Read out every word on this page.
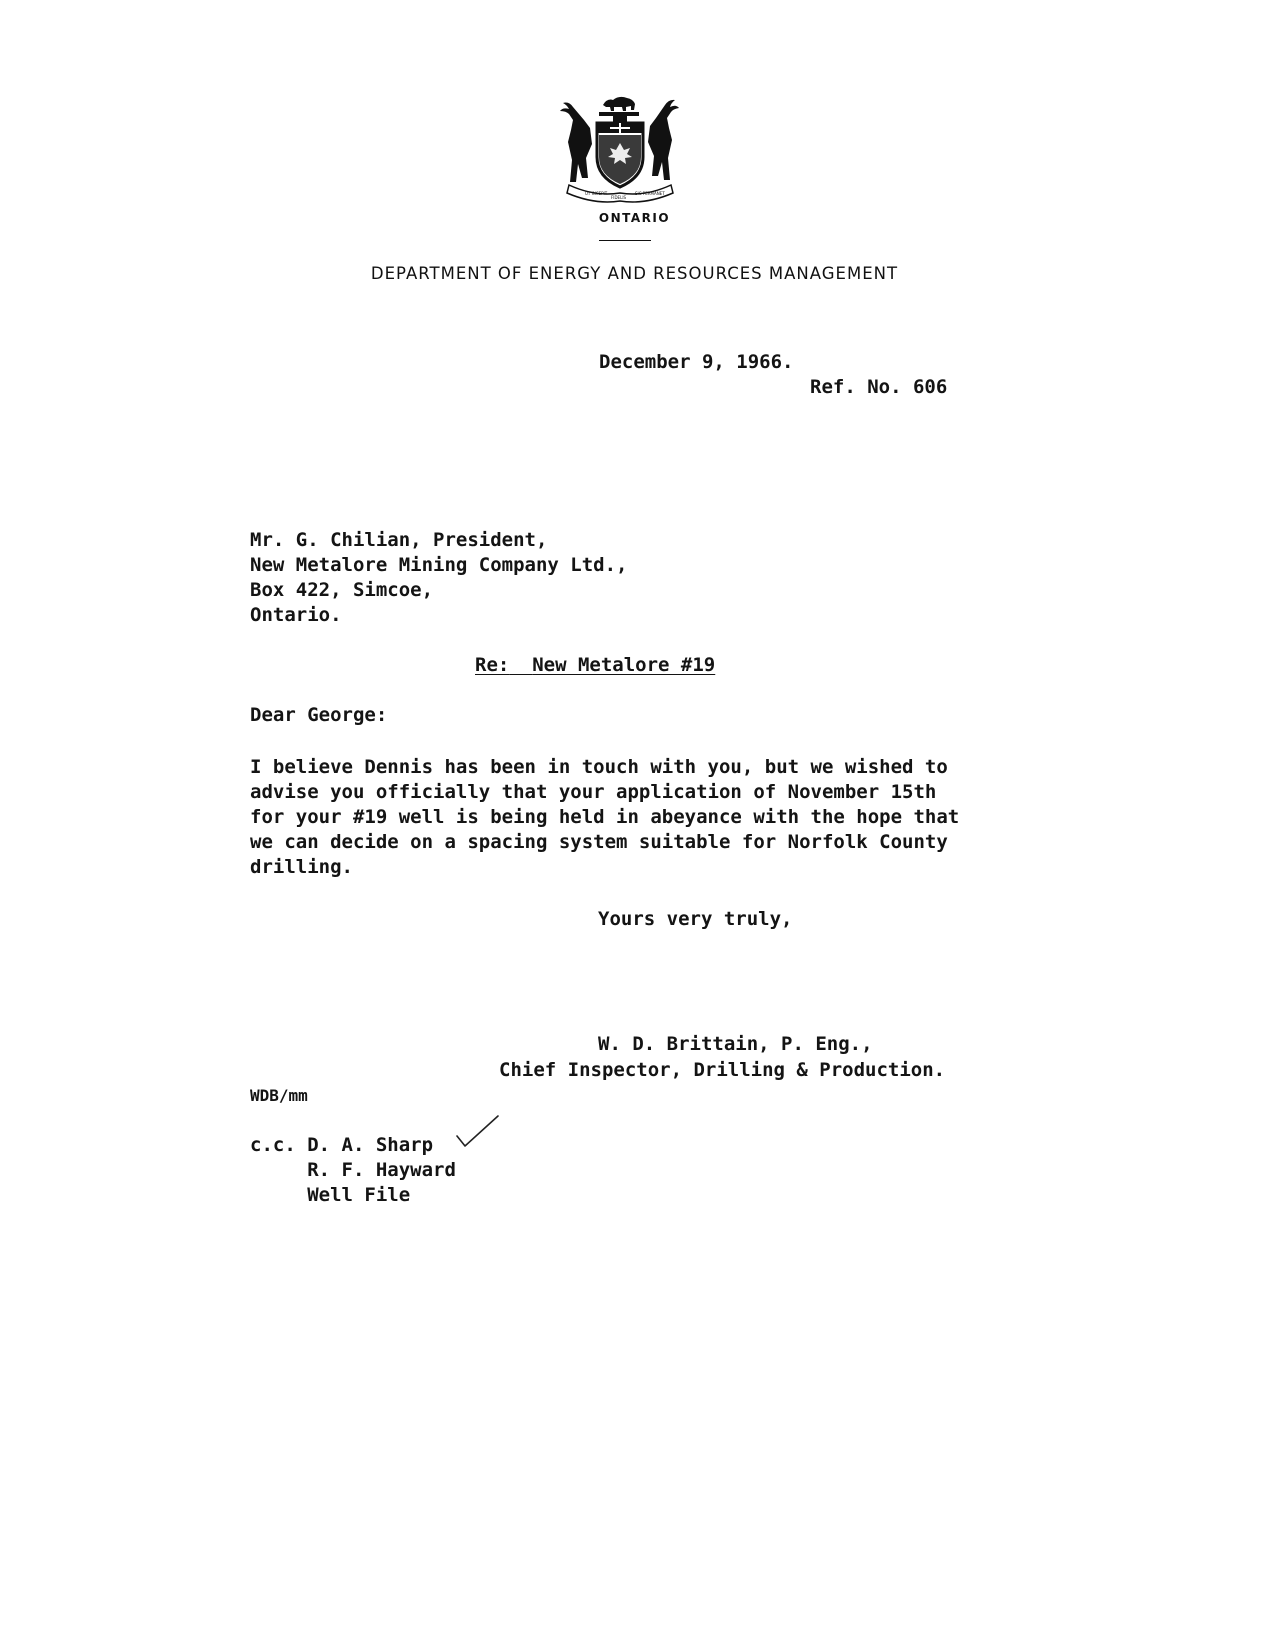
UT INCEPIT
FIDELIS
SIC PERMANET
ONTARIO
DEPARTMENT OF ENERGY AND RESOURCES MANAGEMENT
December 9, 1966.
Ref. No. 606
Mr. G. Chilian, President,
New Metalore Mining Company Ltd.,
Box 422, Simcoe,
Ontario.
Re: New Metalore #19
Dear George:
I believe Dennis has been in touch with you, but we wished to
advise you officially that your application of November 15th
for your #19 well is being held in abeyance with the hope that
we can decide on a spacing system suitable for Norfolk County
drilling.
Yours very truly,
W. D. Brittain, P. Eng.,
Chief Inspector, Drilling & Production.
WDB/mm
c.c. D. A. Sharp
R. F. Hayward
Well File
